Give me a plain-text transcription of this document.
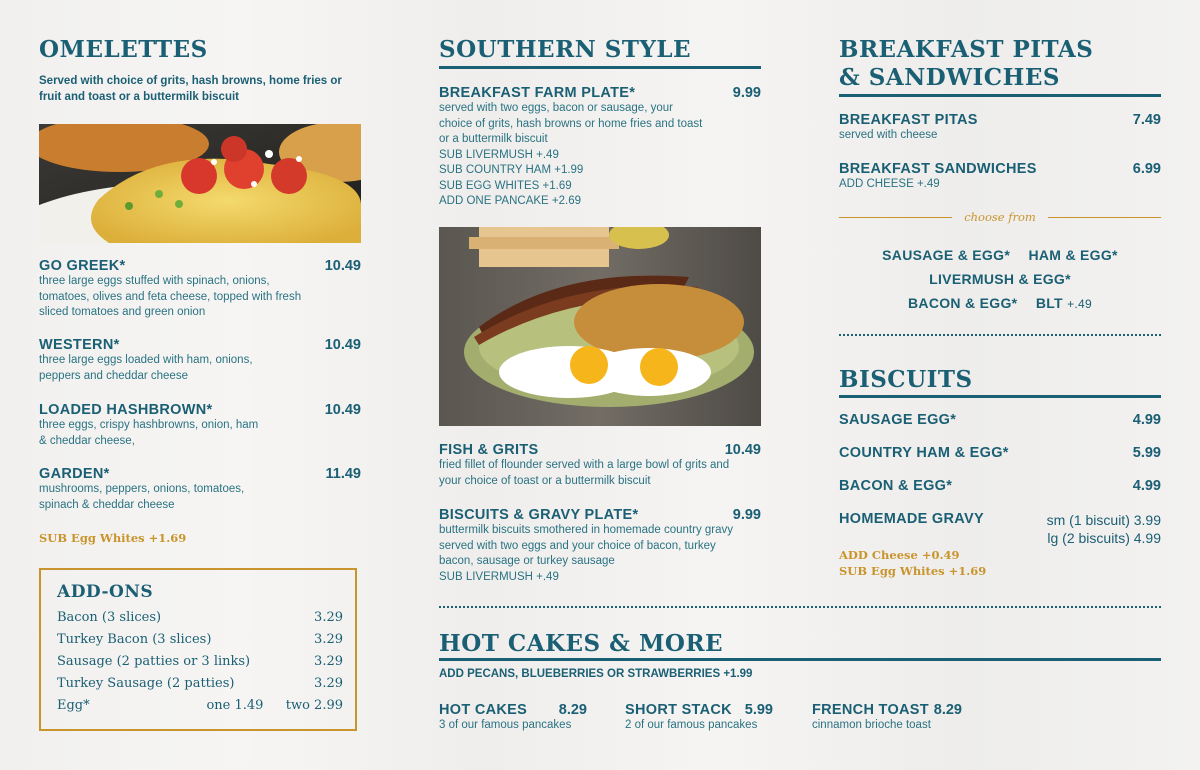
OMELETTES
Served with choice of grits, hash browns, home fries or fruit and toast or a buttermilk biscuit
GO GREEK*	10.49
three large eggs stuffed with spinach, onions, tomatoes, olives and feta cheese, topped with fresh sliced tomatoes and green onion
WESTERN*	10.49
three large eggs loaded with ham, onions, peppers and cheddar cheese
LOADED HASHBROWN*	10.49
three eggs, crispy hashbrowns, onion, ham & cheddar cheese,
GARDEN*	11.49
mushrooms, peppers, onions, tomatoes, spinach & cheddar cheese
SUB Egg Whites +1.69
ADD-ONS
Bacon (3 slices)	3.29
Turkey Bacon (3 slices)	3.29
Sausage (2 patties or 3 links)	3.29
Turkey Sausage (2 patties)	3.29
Egg*	one 1.49 two 2.99
SOUTHERN STYLE
BREAKFAST FARM PLATE*	9.99
served with two eggs, bacon or sausage, your choice of grits, hash browns or home fries and toast or a buttermilk biscuit
SUB LIVERMUSH +.49
SUB COUNTRY HAM +1.99
SUB EGG WHITES +1.69
ADD ONE PANCAKE +2.69
FISH & GRITS	10.49
fried fillet of flounder served with a large bowl of grits and your choice of toast or a buttermilk biscuit
BISCUITS & GRAVY PLATE*	9.99
buttermilk biscuits smothered in homemade country gravy served with two eggs and your choice of bacon, turkey bacon, sausage or turkey sausage
SUB LIVERMUSH +.49
BREAKFAST PITAS
& SANDWICHES
BREAKFAST PITAS	7.49
served with cheese
BREAKFAST SANDWICHES	6.99
ADD CHEESE +.49
choose from
SAUSAGE & EGG* HAM & EGG*
LIVERMUSH & EGG*
BACON & EGG* BLT +.49
BISCUITS
SAUSAGE EGG*	4.99
COUNTRY HAM & EGG*	5.99
BACON & EGG*	4.99
HOMEMADE GRAVY	sm (1 biscuit) 3.99
lg (2 biscuits) 4.99
ADD Cheese +0.49
SUB Egg Whites +1.69
HOT CAKES & MORE
ADD PECANS, BLUEBERRIES OR STRAWBERRIES +1.99
HOT CAKES 8.29
3 of our famous pancakes
SHORT STACK 5.99
2 of our famous pancakes
FRENCH TOAST 8.29
cinnamon brioche toast
